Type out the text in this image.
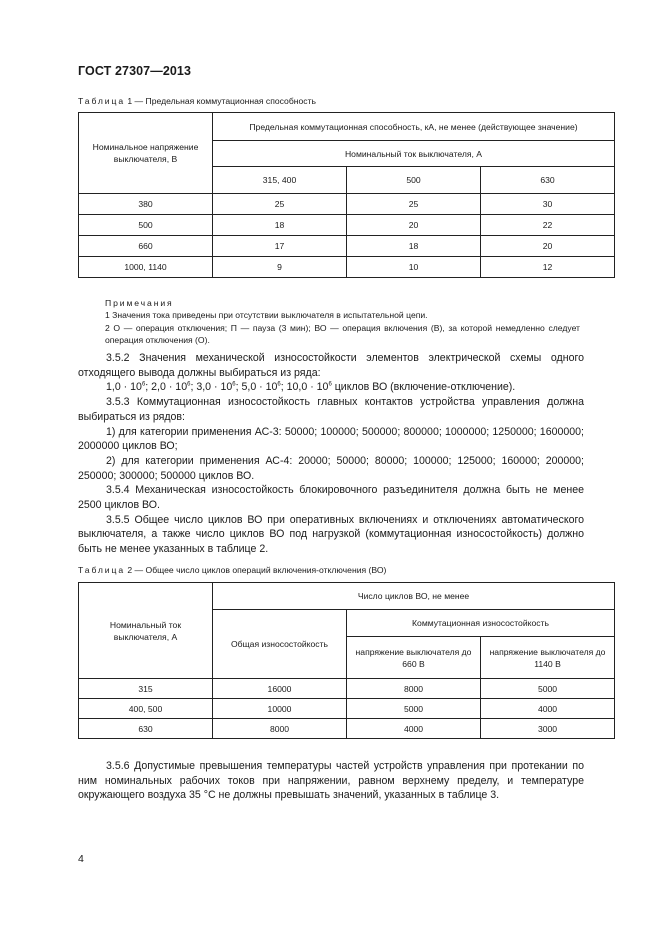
ГОСТ 27307—2013
Таблица 1 — Предельная коммутационная способность
Номинальное напряжение выключателя, В	Предельная коммутационная способность, кА, не менее (действующее значение)		
	Номинальный ток выключателя, А		
	315, 400	500	630
380	25	25	30
500	18	20	22
660	17	18	20
1000, 1140	9	10	12
Примечания
1 Значения тока приведены при отсутствии выключателя в испытательной цепи.
2 О — операция отключения; П — пауза (3 мин); ВО — операция включения (В), за которой немедленно следует операция отключения (О).

3.5.2 Значения механической износостойкости элементов электрической схемы одного отходящего вывода должны выбираться из ряда:

$1,0 \cdot 10^6$; $2,0 \cdot 10^6$; $3,0 \cdot 10^6$; $5,0 \cdot 10^6$; $10,0 \cdot 10^6$ циклов ВО (включение-отключение).

3.5.3 Коммутационная износостойкость главных контактов устройства управления должна выбираться из рядов:

1) для категории применения АС-3: 50000; 100000; 500000; 800000; 1000000; 1250000; 1600000; 2000000 циклов ВО;

2) для категории применения АС-4: 20000; 50000; 80000; 100000; 125000; 160000; 200000; 250000; 300000; 500000 циклов ВО.

3.5.4 Механическая износостойкость блокировочного разъединителя должна быть не менее 2500 циклов ВО.

3.5.5 Общее число циклов ВО при оперативных включениях и отключениях автоматического выключателя, а также число циклов ВО под нагрузкой (коммутационная износостойкость) должно быть не менее указанных в таблице 2.

Таблица 2 — Общее число циклов операций включения-отключения (ВО)
Номинальный ток выключателя, А	Число циклов ВО, не менее		
	Общая износостойкость	Коммутационная износостойкость	
		напряжение выключателя до 660 В	напряжение выключателя до 1140 В
315	16000	8000	5000
400, 500	10000	5000	4000
630	8000	4000	3000

3.5.6 Допустимые превышения температуры частей устройств управления при протекании по ним номинальных рабочих токов при напряжении, равном верхнему пределу, и температуре окружающего воздуха 35 °С не должны превышать значений, указанных в таблице 3.

4
